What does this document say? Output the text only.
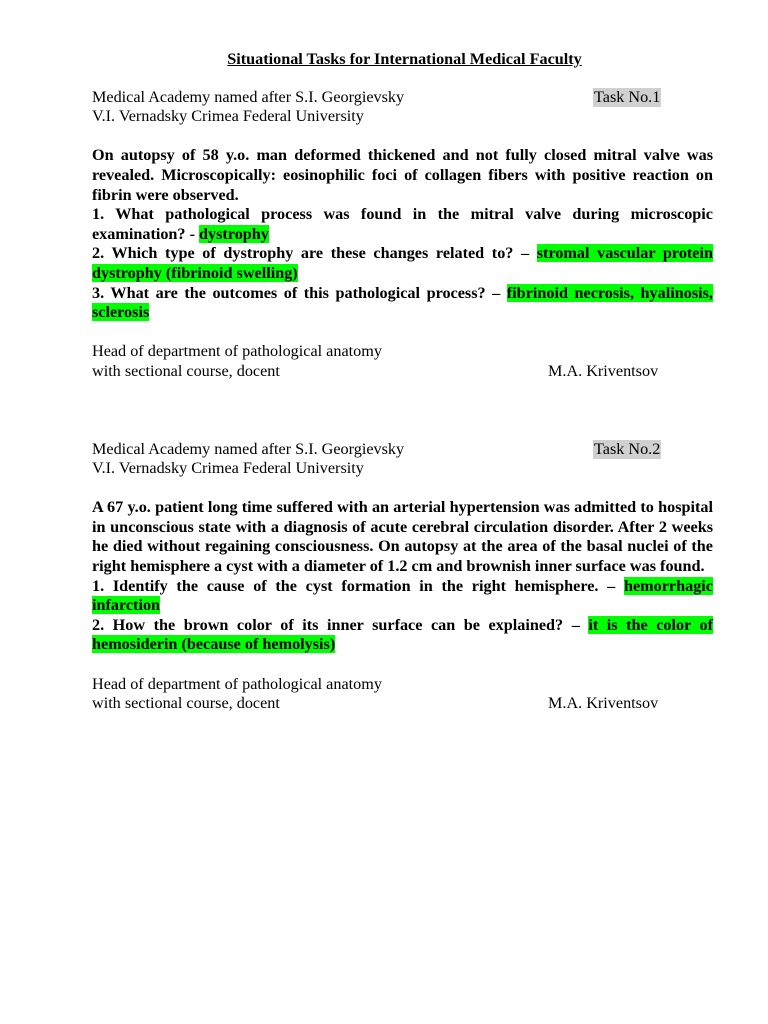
Situational Tasks for International Medical Faculty
Medical Academy named after S.I. Georgievsky	Task No.1
V.I. Vernadsky Crimea Federal University
On autopsy of 58 y.o. man deformed thickened and not fully closed mitral valve was revealed. Microscopically: eosinophilic foci of collagen fibers with positive reaction on fibrin were observed.
1. What pathological process was found in the mitral valve during microscopic examination? - dystrophy
2. Which type of dystrophy are these changes related to? – stromal vascular protein dystrophy (fibrinoid swelling)
3. What are the outcomes of this pathological process? – fibrinoid necrosis, hyalinosis, sclerosis
Head of department of pathological anatomy
with sectional course, docent	M.A. Kriventsov
Medical Academy named after S.I. Georgievsky	Task No.2
V.I. Vernadsky Crimea Federal University
A 67 y.o. patient long time suffered with an arterial hypertension was admitted to hospital in unconscious state with a diagnosis of acute cerebral circulation disorder. After 2 weeks he died without regaining consciousness. On autopsy at the area of the basal nuclei of the right hemisphere a cyst with a diameter of 1.2 cm and brownish inner surface was found.
1. Identify the cause of the cyst formation in the right hemisphere. – hemorrhagic infarction
2. How the brown color of its inner surface can be explained? – it is the color of hemosiderin (because of hemolysis)
Head of department of pathological anatomy
with sectional course, docent	M.A. Kriventsov
